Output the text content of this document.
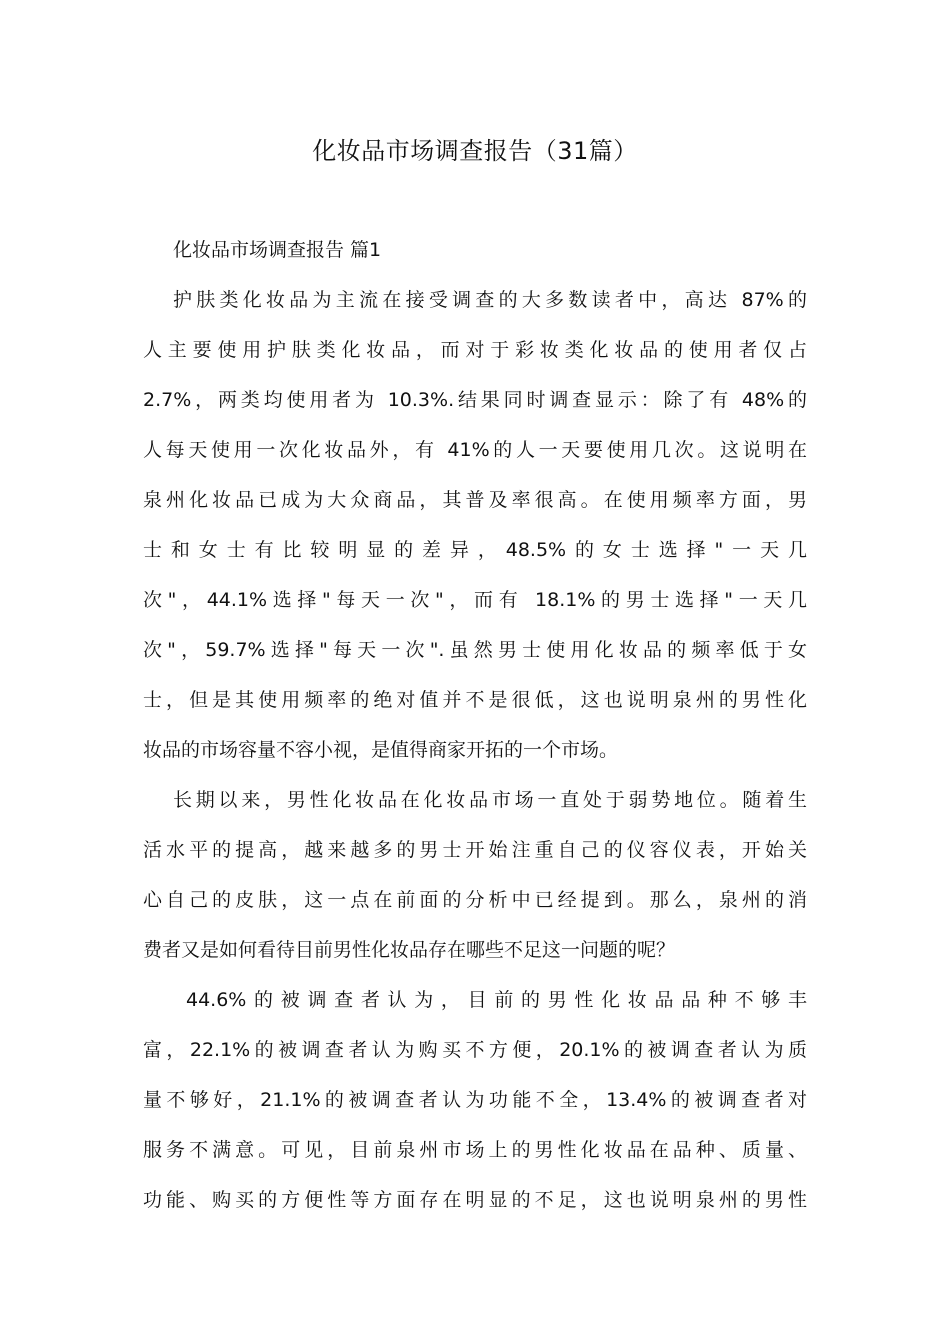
化妆品市场调查报告（31篇）
化妆品市场调查报告 篇1

护肤类化妆品为主流在接受调查的大多数读者中，高达 87%的

人主要使用护肤类化妆品，而对于彩妆类化妆品的使用者仅占

2.7%，两类均使用者为 10.3%.结果同时调查显示：除了有 48%的

人每天使用一次化妆品外，有 41%的人一天要使用几次。这说明在

泉州化妆品已成为大众商品，其普及率很高。在使用频率方面，男

士和女士有比较明显的差异，48.5%的女士选择"一天几

次"，44.1%选择"每天一次"，而有 18.1%的男士选择"一天几

次"，59.7%选择"每天一次".虽然男士使用化妆品的频率低于女

士，但是其使用频率的绝对值并不是很低，这也说明泉州的男性化

妆品的市场容量不容小视，是值得商家开拓的一个市场。

长期以来，男性化妆品在化妆品市场一直处于弱势地位。随着生

活水平的提高，越来越多的男士开始注重自己的仪容仪表，开始关

心自己的皮肤，这一点在前面的分析中已经提到。那么，泉州的消

费者又是如何看待目前男性化妆品存在哪些不足这一问题的呢？

44.6%的被调查者认为，目前的男性化妆品品种不够丰

富，22.1%的被调查者认为购买不方便，20.1%的被调查者认为质

量不够好，21.1%的被调查者认为功能不全，13.4%的被调查者对

服务不满意。可见，目前泉州市场上的男性化妆品在品种、质量、

功能、购买的方便性等方面存在明显的不足，这也说明泉州的男性
